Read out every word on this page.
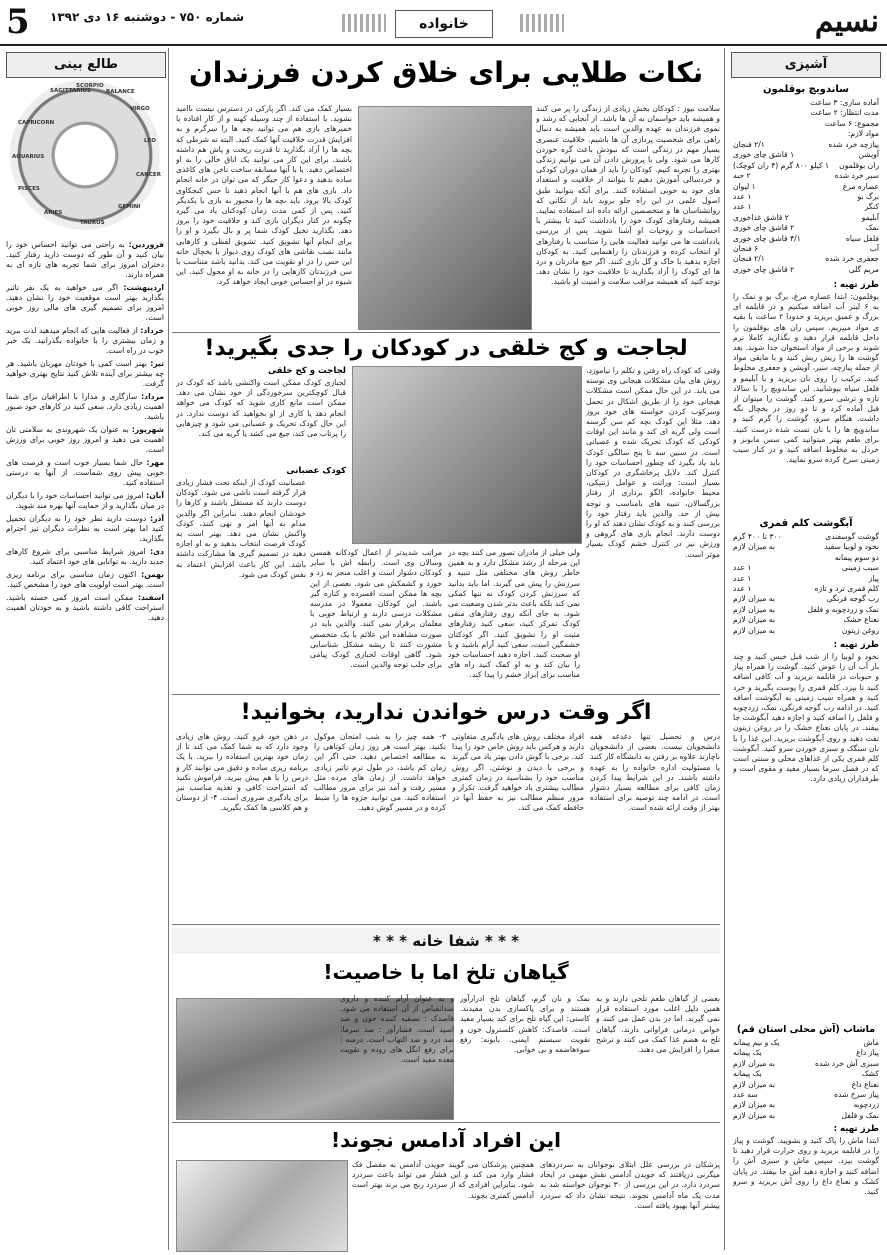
نسیم
خانواده
شماره ۷۵۰ - دوشنبه ۱۶ دی ۱۳۹۲
5
آشپزی
ساندویچ بوقلمون
آماده سازی: ۳ ساعت
مدت انتظار: ۲ ساعت
مجموع: ۶ ساعت
مواد لازم:
پیازچه خرد شده
۲/۱ فنجان
آویشن
۱ قاشق چای خوری
ران بوقلمون
۱ کیلو ۸۰۰ گرم (۴ ران کوچک)
سیر خرد شده
۲ حبه
عصاره مرغ
۱ لیوان
برگ بو
۱ عدد
کنگر
۱ عدد
آبلیمو
۲ قاشق غذاخوری
نمک
۲ قاشق چای خوری
فلفل سیاه
۴/۱ قاشق چای خوری
آب
۶ فنجان
جعفری خرد شده
۲/۱ فنجان
مریم گلی
۲ قاشق چای خوری
طرز تهیه :
بوقلمون: ابتدا عصاره مرغ، برگ بو و نمک را به ۶ لیتر آب اضافه میکنیم و در قابلمه ای بزرگ و عمیق بریزید و حدودا ۲ ساعت با بقیه ی مواد میپزیم. سپس ران های بوقلمون را داخل قابلمه قرار دهید و بگذارید کاملا نرم شوند و برخی از مواد استخوان جدا شوند. بعد گوشت ها را ریش ریش کنید و با مابقی مواد از جمله پیازچه، سیر، آویشن و جعفری مخلوط کنید. ترکیب را روی نان بریزید و با آبلیمو و فلفل سیاه بپوشانید. این ساندویچ را با سالاد تازه و ترشی سرو کنید. گوشت را میتوان از قبل آماده کرد و تا دو روز در یخچال نگه داشت. هنگام سرو، گوشت را گرم کنید و ساندویچ ها را با نان تست شده درست کنید. برای طعم بهتر میتوانید کمی سس مایونز و خردل به مخلوط اضافه کنید و در کنار سیب زمینی سرخ کرده سرو نمایید.
آبگوشت کلم قمری
گوشت گوسفندی
۳۰۰ تا ۴۰۰ گرم
نخود و لوبیا سفید
به میزان لازم
دو سوم پیمانه
سیب زمینی
۱ عدد
پیاز
۱ عدد
کلم قمری ترد و تازه
۱ عدد
رب گوجه فرنگی
به میزان لازم
نمک و زردچوبه و فلفل
به میزان لازم
نعناع خشک
به میزان لازم
روغن زیتون
به میزان لازم
طرز تهیه :
نخود و لوبیا را از شب قبل خیس کنید و چند بار آب آن را عوض کنید. گوشت را همراه پیاز و حبوبات در قابلمه بریزید و آب کافی اضافه کنید تا بپزد. کلم قمری را پوست بگیرید و خرد کنید و همراه سیب زمینی به آبگوشت اضافه کنید. در ادامه رب گوجه فرنگی، نمک، زردچوبه و فلفل را اضافه کنید و اجازه دهید آبگوشت جا بیفتد. در پایان نعناع خشک را در روغن زیتون تفت دهید و روی آبگوشت بریزید. این غذا را با نان سنگک و سبزی خوردن سرو کنید. آبگوشت کلم قمری یکی از غذاهای محلی و سنتی است که در فصل سرما بسیار مفید و مقوی است و طرفداران زیادی دارد.
ماشاب (آش محلی استان قم)
ماش
یک و نیم پیمانه
پیاز داغ
یک پیمانه
سبزی آش خرد شده
به میزان لازم
کشک
یک پیمانه
نعناع داغ
به میزان لازم
پیاز سرخ شده
سه عدد
زردچوبه
به میزان لازم
نمک و فلفل
به میزان لازم
طرز تهیه :
ابتدا ماش را پاک کنید و بشویید. گوشت و پیاز را در قابلمه بریزید و روی حرارت قرار دهید تا گوشت بپزد. سپس ماش و سبزی آش را اضافه کنید و اجازه دهید آش جا بیفتد. در پایان کشک و نعناع داغ را روی آش بریزید و سرو کنید.
طالع بینی
SAGITTARIUS
SCORPIO
BALANCE
VIRGO
LEO
CANCER
GEMINI
TAURUS
ARIES
PISCES
AQUARIUS
CAPRICORN
فروردین: به راحتی می توانید احساس خود را بیان کنید و آن طور که دوست دارید رفتار کنید. دختران امروز برای شما تجربه های تازه ای به همراه دارند.
اردیبهشت: اگر می خواهید به یک نفر تاثیر بگذارید بهتر است موقعیت خود را نشان دهید. امروز برای تصمیم گیری های مالی روز خوبی است.
خرداد: از فعالیت هایی که انجام میدهید لذت ببرید و زمان بیشتری را با خانواده بگذرانید. یک خبر خوب در راه است.
تیر: بهتر است کمی با خودتان مهربان باشید. هر چه بیشتر برای آینده تلاش کنید نتایج بهتری خواهید گرفت.
مرداد: سازگاری و مدارا با اطرافیان برای شما اهمیت زیادی دارد. سعی کنید در کارهای خود صبور باشید.
شهریور: به عنوان یک شهروندی به سلامتی تان اهمیت می دهید و امروز روز خوبی برای ورزش است.
مهر: حال شما بسیار خوب است و فرصت های خوبی پیش روی شماست. از آنها به درستی استفاده کنید.
آبان: امروز می توانید احساسات خود را با دیگران در میان بگذارید و از حمایت آنها بهره مند شوید.
آذر: دوست دارید نظر خود را به دیگران تحمیل کنید اما بهتر است به نظرات دیگران نیز احترام بگذارید.
دی: امروز شرایط مناسبی برای شروع کارهای جدید دارید. به توانایی های خود اعتماد کنید.
بهمن: اکنون زمان مناسبی برای برنامه ریزی است. بهتر است اولویت های خود را مشخص کنید.
اسفند: ممکن است امروز کمی خسته باشید. استراحت کافی داشته باشید و به خودتان اهمیت دهید.
نکات طلایی برای خلاق کردن فرزندان
سلامت نیوز : کودکان بخش زیادی از زندگی را پر می کنند و همیشه باید حواسمان به آن ها باشد. از آنجایی که رشد و نموی فرزندان به عهده والدین است باید همیشه به دنبال راهی برای شخصیت پردازی آن ها باشیم. خلاقیت عنصری بسیار مهم در زندگی است که نبودش باعث گره خوردن کارها می شود. ولی با پرورش دادن آن می توانیم زندگی بهتری را تجربه کنیم. کودکان را باید از همان دوران کودکی و خردسالی آموزش دهیم تا بتوانند از خلاقیت و استعداد های خود به خوبی استفاده کنند. برای آنکه بتوانید طبق اصول علمی در این راه جلو بروید باید از نکاتی که روانشناسان ها و متخصصین ارائه داده اند استفاده نمایید. همیشه رفتارهای کودک خود را یادداشت کنید تا بیشتر با احساسات و روحیات او آشنا شوید. پس از بررسی یادداشت ها می توانید فعالیت هایی را متناسب با رفتارهای او انتخاب کرده و فرزندتان را راهنمایی کنید. به کودکان اجازه بدهید با خاک و گل بازی کنند. اگر جیغ مادرتان و درد ها ای کودک را آزاد بگذارید تا خلاقیت خود را نشان دهد. توجه کنید که همیشه مراقب سلامت و امنیت او باشید.
بسیار کمک می کند. اگر پارکی در دسترس نیست ناامید نشوید. با استفاده از چند وسیله کهنه و از کار افتاده یا خمیرهای بازی هم می توانید بچه ها را سرگرم و به افزایش قدرت خلاقیت آنها کمک کنید. البته نه شرطی که بچه ها را آزاد بگذارید تا قدرت ریخت و پاش هم داشته باشند. برای این کار می توانید یک اتاق خالی را به او اختصاص دهید. یا با آنها مسابقه ساخت ناخن های کاغذی ساده بدهید و دعوا کار جیگر که می توان در خانه انجام داد. بازی های هم با آنها انجام دهید تا حس کنجکاوی کودک بالا برود. باید بچه ها را مجبور به بازی با یکدیگر کنید. پس از کمی مدت زمان کودکتان یاد می گیرد چگونه در کنار دیگران بازی کند و خلاقیت خود را بروز دهد. بگذارید تخیل کودک شما پر و بال بگیرد و او را برای انجام آنها تشویق کنید. تشویق لفظی و کارهایی مانند نصب نقاشی های کودک روی دیوار یا یخچال خانه این حس را در او تقویت می کند. بدانید باشد متناسب با سن فرزندتان کارهایی را در خانه به او محول کنید. این شیوه در او احساس خوبی ایجاد خواهد کرد.
لجاجت و کج خلقی در کودکان را جدی بگیرید!
وقتی که کودک راه رفتن و تکلم را نیاموزد، روش های بیان مشکلات هیجانی وی نوسته می یابد. در این حال ممکن است مشکلات هیجانی خود را از طریق اشکال در تحمل وسرکوب کردن خواسته های خود بروز دهد. مثلا این کودک بچه کم سن گرسنه است ولی گریه ای کند و مانند این اوقات کودکی که کودک تحریک شده و عصبانی است. در سنین سه تا پنج سالگی کودک باید یاد بگیرد که چطور احساسات خود را کنترل کند. دلایل پرخاشگری در کودکان بسیار است: وراثت و عوامل ژنتیکی، محیط خانواده، الگو برداری از رفتار بزرگسالان، تنبیه های نامناسب و توجه بیش از حد. والدین باید رفتار خود را بررسی کنند و به کودک نشان دهند که او را دوست دارند. انجام بازی های گروهی و ورزش نیز در کنترل خشم کودک بسیار موثر است.
ولی خیلی از مادران تصور می کنند بچه در این مرحله از رشد مشکل دارد و به همین خاطر روش های مختلفی مثل تنبیه و سرزنش را پیش می گیرند. اما باید بدانید که سرزنش کردن کودک نه تنها کمکی نمی کند بلکه باعث بدتر شدن وضعیت می شود. به جای آنکه روی رفتارهای منفی کودک تمرکز کنید، سعی کنید رفتارهای مثبت او را تشویق کنید. اگر کودکتان خشمگین است، سعی کنید آرام باشید و با او صحبت کنید. اجازه دهید احساسات خود را بیان کند و به او کمک کنید راه های مناسب برای ابراز خشم را پیدا کند.
مراتب شدیدتر از اعمال کودکانه همسن وسالان وی است. رابطه اش با سایر کودکان دشوار است و اغلب منجر به زد و خورد و کشمکش می شود. بعضی از این بچه ها ممکن است افسرده و کناره گیر باشند. این کودکان معمولا در مدرسه مشکلات درسی دارند و ارتباط خوبی با معلمان برقرار نمی کنند. والدین باید در صورت مشاهده این علائم با یک متخصص مشورت کنند تا ریشه مشکل شناسایی شود. گاهی اوقات لجبازی کودک پیامی برای جلب توجه والدین است.
لجاجت و کج خلقی
لجبازی کودک ممکن است واکنشی باشد که کودک در قبال کوچکترین سرخوردگی از خود نشان می دهد. ممکن است مانع کاری شوید که کودک می خواهد انجام دهد یا کاری از او بخواهید که دوست ندارد. در این حال کودک تحریک و عصبانی می شود و چیزهایی را پرتاب می کند، جیغ می کشد یا گریه می کند.
کودک عصبانی
عصبانیت کودک از اینکه تحت فشار زیادی قرار گرفته است ناشی می شود. کودکان دوست دارند که مستقل باشند و کارها را خودشان انجام دهند. بنابراین اگر والدین مدام به آنها امر و نهی کنند، کودک واکنش نشان می دهد. بهتر است به کودک فرصت انتخاب بدهید و به او اجازه دهید در تصمیم گیری ها مشارکت داشته باشد. این کار باعث افزایش اعتماد به نفس کودک می شود.
اگر وقت درس خواندن ندارید، بخوانید!
درس و تحصیل تنها دغدغه همه دانشجویان نیست. بعضی از دانشجویان ناچارند علاوه بر رفتن به دانشگاه کار کنند یا مسئولیت اداره خانواده را به عهده داشته باشند. در این شرایط پیدا کردن زمان کافی برای مطالعه بسیار دشوار است. در ادامه چند توصیه برای استفاده بهتر از وقت ارائه شده است.
افراد مختلف روش های یادگیری متفاوتی دارند و هرکس باید روش خاص خود را پیدا کند. برخی با گوش دادن بهتر یاد می گیرند و برخی با دیدن و نوشتن. اگر روش مناسب خود را بشناسید در زمان کمتری مطالب بیشتری یاد خواهید گرفت. تکرار و مرور منظم مطالب نیز به حفظ آنها در حافظه کمک می کند.
۳- همه چیز را به شب امتحان موکول نکنید. بهتر است هر روز زمان کوتاهی را به مطالعه اختصاص دهید. حتی اگر این زمان کم باشد، در طول ترم تاثیر زیادی خواهد داشت. از زمان های مرده مثل مسیر رفت و آمد نیز برای مرور مطالب استفاده کنید. می توانید جزوه ها را ضبط کرده و در مسیر گوش دهید.
در ذهن خود فرو کنید. روش های زیادی وجود دارد که به شما کمک می کند تا از زمان خود بهترین استفاده را ببرید. با یک برنامه ریزی ساده و دقیق می توانید کار و درس را با هم پیش ببرید. فراموش نکنید که استراحت کافی و تغذیه مناسب نیز برای یادگیری ضروری است. ۴- از دوستان و هم کلاسی ها کمک بگیرید.
* * * شفا خانه * * *
گیاهان تلخ اما با خاصیت!
بعضی از گیاهان طعم تلخی دارند و به همین دلیل اغلب مورد استفاده قرار نمی گیرند. اما در بدن عمل می کنند و خواص درمانی فراوانی دارند. گیاهان تلخ به هضم غذا کمک می کنند و ترشح صفرا را افزایش می دهند.
نمک و نان گرم، گیاهان تلخ ادرارآور هستند و برای پاکسازی بدن مفیدند. کاسنی: این گیاه تلخ برای کبد بسیار مفید است. قاصدک: کاهش کلسترول خون و تقویت سیستم ایمنی. بابونه: رفع سوءهاضمه و بی خوابی.
این افراد آدامس نجوند!
پزشکان در بررسی علل ابتلای نوجوانان به سردردهای میگرنی دریافتند که جویدن آدامس نقش مهمی در ایجاد سردرد دارد. در این بررسی از ۳۰ نوجوان خواسته شد به مدت یک ماه آدامس نجوند. نتیجه نشان داد که سردرد بیشتر آنها بهبود یافته است.
همچنین پزشکان می گویند جویدن آدامس به مفصل فک فشار وارد می کند و این فشار می تواند باعث سردرد شود. بنابراین افرادی که از سردرد رنج می برند بهتر است آدامس کمتری بجوند.
و به عنوان آرام کننده و داروی ضدانقباض از آن استفاده می شود. قاصدک : تصفیه کننده خون و ضد اسید است. فشارآور : ضد سرما، ضد درد و ضد التهاب است. درمنه : برای رفع انگل های روده و تقویت معده مفید است.
